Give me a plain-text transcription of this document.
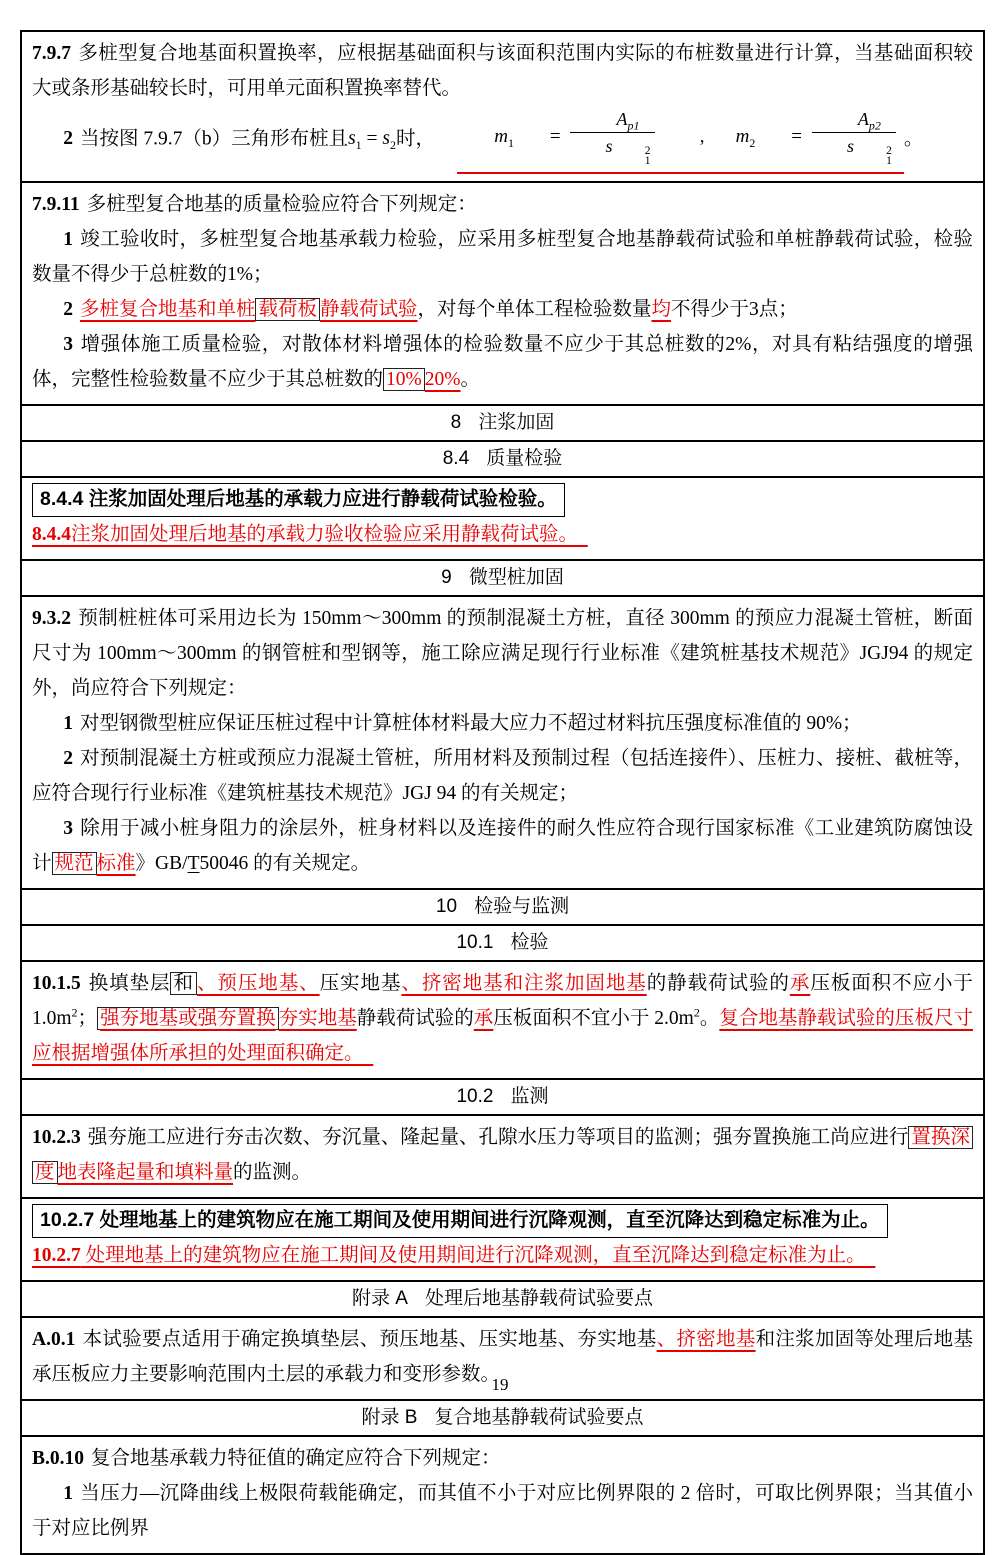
7.9.7 多桩型复合地基面积置换率，应根据基础面积与该面积范围内实际的布桩数量进行计算，当基础面积较大或条形基础较长时，可用单元面积置换率替代。

2 当按图 7.9.7（b）三角形布桩且$s_1 = s_2$时，	$m_1$	= $A_{p1}$
s	2
1	,	$m_2$	= $A_{p2}$
s	2
1 。

7.9.11 多桩型复合地基的质量检验应符合下列规定：

1 竣工验收时，多桩型复合地基承载力检验，应采用多桩型复合地基静载荷试验和单桩静载荷试验，检验数量不得少于总桩数的1%；

2 多桩复合地基和单桩 载荷板 静载荷试验，对每个单体工程检验数量均不得少于3点；

3 增强体施工质量检验，对散体材料增强体的检验数量不应少于其总桩数的2%，对具有粘结强度的增强体，完整性检验数量不应少于其总桩数的 10% 20%。

8 注浆加固
8.4 质量检验

8.4.4 注浆加固处理后地基的承载力应进行静载荷试验检验。

8.4.4注浆加固处理后地基的承载力验收检验应采用静载荷试验。　

9 微型桩加固

9.3.2 预制桩桩体可采用边长为 150mm～300mm 的预制混凝土方桩，直径 300mm 的预应力混凝土管桩，断面尺寸为 100mm～300mm 的钢管桩和型钢等，施工除应满足现行行业标准《建筑桩基技术规范》JGJ94 的规定外，尚应符合下列规定：

1 对型钢微型桩应保证压桩过程中计算桩体材料最大应力不超过材料抗压强度标准值的 90%；

2 对预制混凝土方桩或预应力混凝土管桩，所用材料及预制过程（包括连接件）、压桩力、接桩、截桩等，应符合现行行业标准《建筑桩基技术规范》JGJ 94 的有关规定；

3 除用于减小桩身阻力的涂层外，桩身材料以及连接件的耐久性应符合现行国家标准《工业建筑防腐蚀设计 规范 标准》GB/T50046 的有关规定。

10 检验与监测
10.1 检验

10.1.5 换填垫层 和 、预压地基、压实地基、挤密地基和注浆加固地基的静载荷试验的承压板面积不应小于 $1.0m^2$； 强夯地基或强夯置换 夯实地基静载荷试验的承压板面积不宜小于 $2.0m^2$。复合地基静载试验的压板尺寸应根据增强体所承担的处理面积确定。　

10.2 监测

10.2.3 强夯施工应进行夯击次数、夯沉量、隆起量、孔隙水压力等项目的监测；强夯置换施工尚应进行 置换深度 地表隆起量和填料量的监测。

10.2.7 处理地基上的建筑物应在施工期间及使用期间进行沉降观测，直至沉降达到稳定标准为止。

10.2.7 处理地基上的建筑物应在施工期间及使用期间进行沉降观测，直至沉降达到稳定标准为止。　

附录 A 处理后地基静载荷试验要点

A.0.1 本试验要点适用于确定换填垫层、预压地基、压实地基、夯实地基、挤密地基和注浆加固等处理后地基承压板应力主要影响范围内土层的承载力和变形参数。

附录 B 复合地基静载荷试验要点

B.0.10 复合地基承载力特征值的确定应符合下列规定：

1 当压力—沉降曲线上极限荷载能确定，而其值不小于对应比例界限的 2 倍时，可取比例界限；当其值小于对应比例界

19
